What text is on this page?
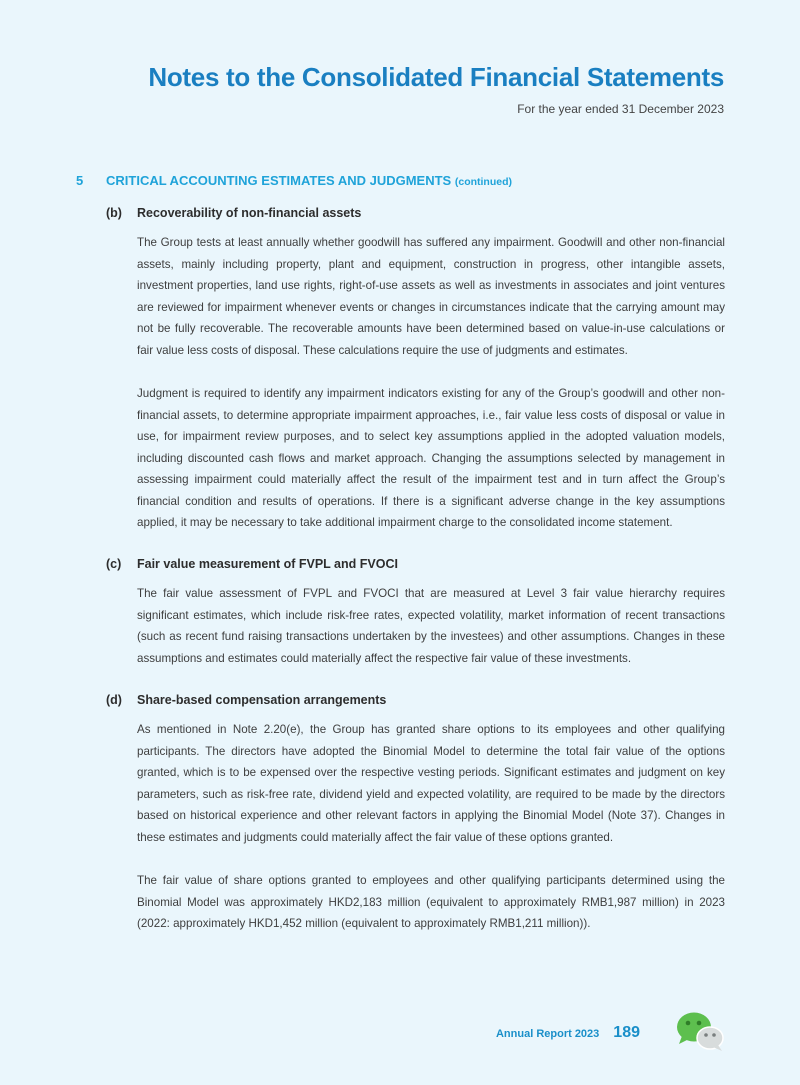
Notes to the Consolidated Financial Statements
For the year ended 31 December 2023
5 CRITICAL ACCOUNTING ESTIMATES AND JUDGMENTS (continued)
(b) Recoverability of non-financial assets

The Group tests at least annually whether goodwill has suffered any impairment. Goodwill and other non-financial assets, mainly including property, plant and equipment, construction in progress, other intangible assets, investment properties, land use rights, right-of-use assets as well as investments in associates and joint ventures are reviewed for impairment whenever events or changes in circumstances indicate that the carrying amount may not be fully recoverable. The recoverable amounts have been determined based on value-in-use calculations or fair value less costs of disposal. These calculations require the use of judgments and estimates.

Judgment is required to identify any impairment indicators existing for any of the Group’s goodwill and other non-financial assets, to determine appropriate impairment approaches, i.e., fair value less costs of disposal or value in use, for impairment review purposes, and to select key assumptions applied in the adopted valuation models, including discounted cash flows and market approach. Changing the assumptions selected by management in assessing impairment could materially affect the result of the impairment test and in turn affect the Group’s financial condition and results of operations. If there is a significant adverse change in the key assumptions applied, it may be necessary to take additional impairment charge to the consolidated income statement.

(c) Fair value measurement of FVPL and FVOCI

The fair value assessment of FVPL and FVOCI that are measured at Level 3 fair value hierarchy requires significant estimates, which include risk-free rates, expected volatility, market information of recent transactions (such as recent fund raising transactions undertaken by the investees) and other assumptions. Changes in these assumptions and estimates could materially affect the respective fair value of these investments.

(d) Share-based compensation arrangements

As mentioned in Note 2.20(e), the Group has granted share options to its employees and other qualifying participants. The directors have adopted the Binomial Model to determine the total fair value of the options granted, which is to be expensed over the respective vesting periods. Significant estimates and judgment on key parameters, such as risk-free rate, dividend yield and expected volatility, are required to be made by the directors based on historical experience and other relevant factors in applying the Binomial Model (Note 37). Changes in these estimates and judgments could materially affect the fair value of these options granted.

The fair value of share options granted to employees and other qualifying participants determined using the Binomial Model was approximately HKD2,183 million (equivalent to approximately RMB1,987 million) in 2023 (2022: approximately HKD1,452 million (equivalent to approximately RMB1,211 million)).

Annual Report 2023 189
